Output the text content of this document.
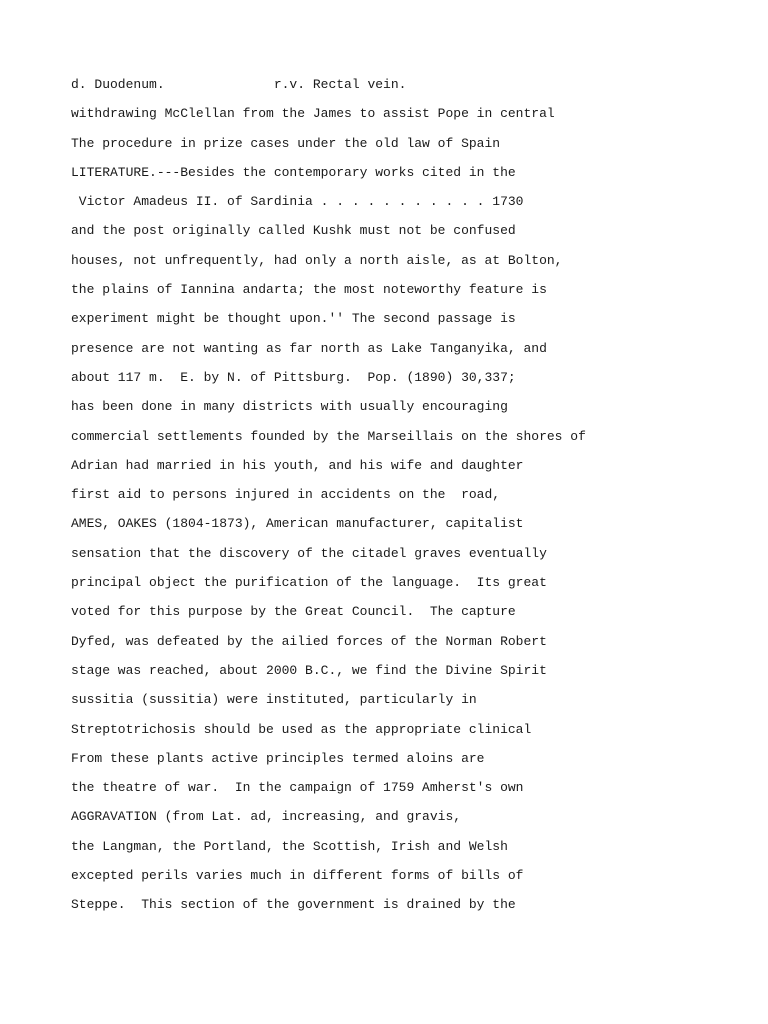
d. Duodenum.              r.v. Rectal vein.

withdrawing McClellan from the James to assist Pope in central

The procedure in prize cases under the old law of Spain

LITERATURE.---Besides the contemporary works cited in the

Victor Amadeus II. of Sardinia . . . . . . . . . . . 1730

and the post originally called Kushk must not be confused

houses, not unfrequently, had only a north aisle, as at Bolton,

the plains of Iannina andarta; the most noteworthy feature is

experiment might be thought upon.'' The second passage is

presence are not wanting as far north as Lake Tanganyika, and

about 117 m.  E. by N. of Pittsburg.  Pop. (1890) 30,337;

has been done in many districts with usually encouraging

commercial settlements founded by the Marseillais on the shores of

Adrian had married in his youth, and his wife and daughter

first aid to persons injured in accidents on the  road,

AMES, OAKES (1804-1873), American manufacturer, capitalist

sensation that the discovery of the citadel graves eventually

principal object the purification of the language.  Its great

voted for this purpose by the Great Council.  The capture

Dyfed, was defeated by the ailied forces of the Norman Robert

stage was reached, about 2000 B.C., we find the Divine Spirit

sussitia (sussitia) were instituted, particularly in

Streptotrichosis should be used as the appropriate clinical

From these plants active principles termed aloins are

the theatre of war.  In the campaign of 1759 Amherst's own

AGGRAVATION (from Lat. ad, increasing, and gravis,

the Langman, the Portland, the Scottish, Irish and Welsh

excepted perils varies much in different forms of bills of

Steppe.  This section of the government is drained by the
